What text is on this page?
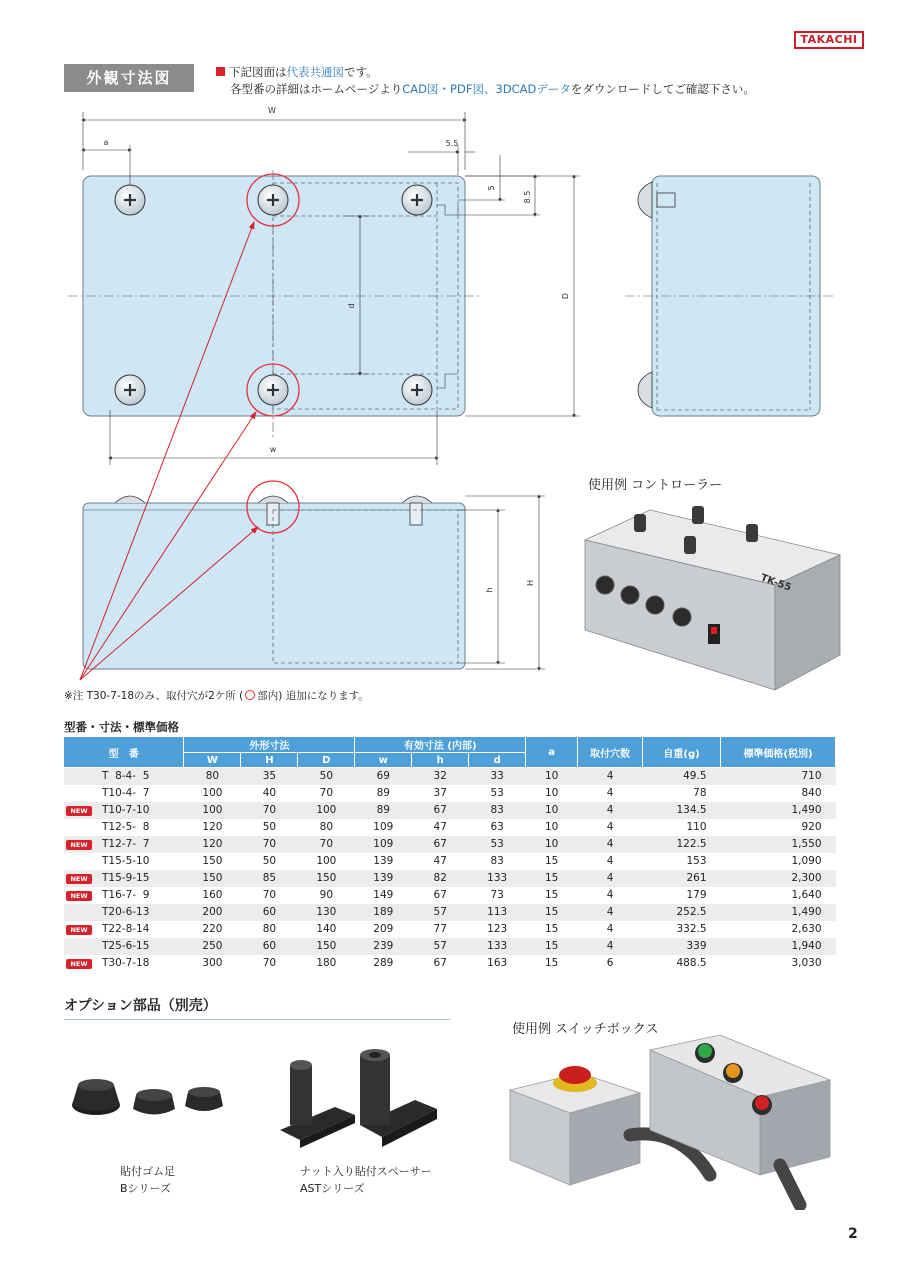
TAKACHI
外観寸法図	下記図面は代表共通図です。
各型番の詳細はホームページよりCAD図・PDF図、3DCADデータをダウンロードしてご確認下さい。
W
a	5.5
5
8.5
d
D
w
h
H	TK-55
使用例 コントローラー
※注 T30-7-18のみ、取付穴が2ケ所 ( 部内) 追加になります。
型番・寸法・標準価格
型　番	外形寸法			有効寸法 (内部)			a	取付穴数	自重(g)	標準価格(税別)
	W	H	D	w	h	d				
T  8-4-  5	80	35	50	69	32	33	10	4	49.5	710
T10-4-  7	100	40	70	89	37	53	10	4	78	840

NEW T10-7-10	100	70	100	89	67	83	10	4	134.5	1,490
T12-5-  8	120	50	80	109	47	63	10	4	110	920

NEW T12-7-  7	120	70	70	109	67	53	10	4	122.5	1,550
T15-5-10	150	50	100	139	47	83	15	4	153	1,090

NEW T15-9-15	150	85	150	139	82	133	15	4	261	2,300

NEW T16-7-  9	160	70	90	149	67	73	15	4	179	1,640
T20-6-13	200	60	130	189	57	113	15	4	252.5	1,490

NEW T22-8-14	220	80	140	209	77	123	15	4	332.5	2,630
T25-6-15	250	60	150	239	57	133	15	4	339	1,940

NEW T30-7-18	300	70	180	289	67	163	15	6	488.5	3,030
オプション部品（別売）
貼付ゴム足
Bシリーズ
ナット入り貼付スペーサー
ASTシリーズ
使用例 スイッチボックス
2
